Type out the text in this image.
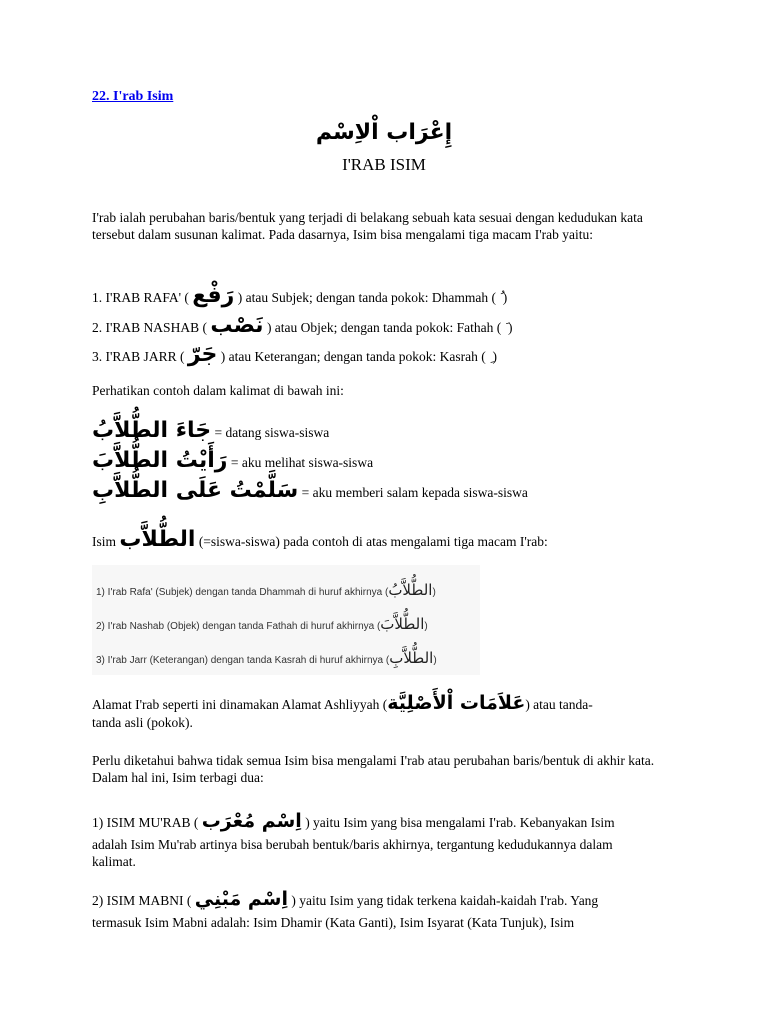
22. I'rab Isim
إِعْرَاب اْلاِسْم
I'RAB ISIM

I'rab ialah perubahan baris/bentuk yang terjadi di belakang sebuah kata sesuai dengan kedudukan kata tersebut dalam susunan kalimat. Pada dasarnya, Isim bisa mengalami tiga macam I'rab yaitu:

1. I'RAB RAFA' ( رَفْع ) atau Subjek; dengan tanda pokok: Dhammah ( )
2. I'RAB NASHAB ( نَصْب ) atau Objek; dengan tanda pokok: Fathah ( )
3. I'RAB JARR ( جَرّ ) atau Keterangan; dengan tanda pokok: Kasrah ( )

Perhatikan contoh dalam kalimat di bawah ini:

جَاءَ الطُّلاَّبُ = datang siswa-siswa
رَأَيْتُ الطُّلاَّبَ = aku melihat siswa-siswa
سَلَّمْتُ عَلَى الطُّلاَّبِ = aku memberi salam kepada siswa-siswa
Isim الطُّلاَّب (=siswa-siswa) pada contoh di atas mengalami tiga macam I'rab:
1) I'rab Rafa' (Subjek) dengan tanda Dhammah di huruf akhirnya (الطُّلاَّبُ)
2) I'rab Nashab (Objek) dengan tanda Fathah di huruf akhirnya (الطُّلاَّبَ)
3) I'rab Jarr (Keterangan) dengan tanda Kasrah di huruf akhirnya (الطُّلاَّبِ)
Alamat I'rab seperti ini dinamakan Alamat Ashliyyah (عَلاَمَات اْلأَصْلِيَّة) atau tanda-
tanda asli (pokok).

Perlu diketahui bahwa tidak semua Isim bisa mengalami I'rab atau perubahan baris/bentuk di akhir kata. Dalam hal ini, Isim terbagi dua:

1) ISIM MU'RAB ( اِسْم مُعْرَب ) yaitu Isim yang bisa mengalami I'rab. Kebanyakan Isim

adalah Isim Mu'rab artinya bisa berubah bentuk/baris akhirnya, tergantung kedudukannya dalam kalimat.

2) ISIM MABNI ( اِسْم مَبْنِي ) yaitu Isim yang tidak terkena kaidah-kaidah I'rab. Yang

termasuk Isim Mabni adalah: Isim Dhamir (Kata Ganti), Isim Isyarat (Kata Tunjuk), Isim
